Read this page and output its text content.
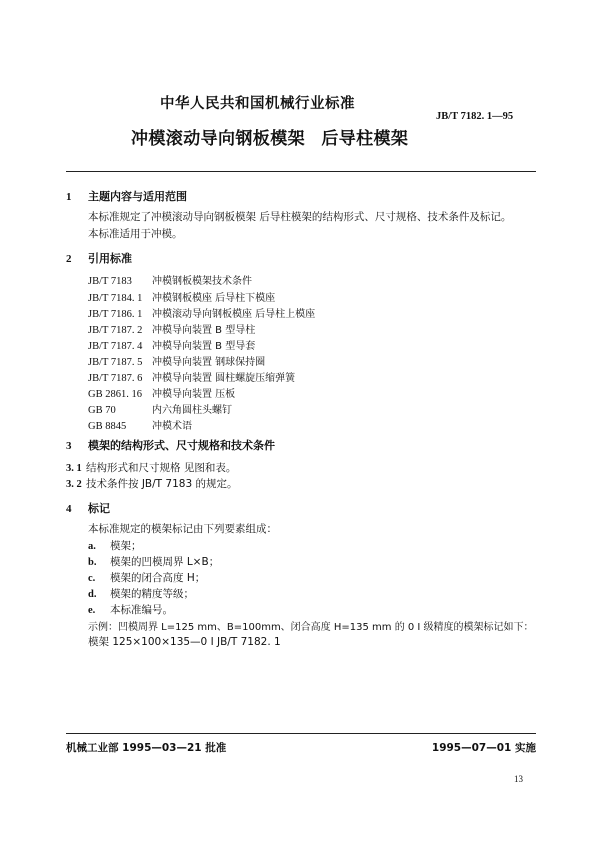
中华人民共和国机械行业标准
JB/T 7182. 1—95
冲模滚动导向钢板模架 后导柱模架
1 主题内容与适用范围
本标准规定了冲模滚动导向钢板模架 后导柱模架的结构形式、尺寸规格、技术条件及标记。
本标准适用于冲模。
2 引用标准
JB/T 7183 冲模钢板模架技术条件
JB/T 7184. 1 冲模钢板模座 后导柱下模座
JB/T 7186. 1 冲模滚动导向钢板模座 后导柱上模座
JB/T 7187. 2 冲模导向装置 B 型导柱
JB/T 7187. 4 冲模导向装置 B 型导套
JB/T 7187. 5 冲模导向装置 钢球保持圈
JB/T 7187. 6 冲模导向装置 圆柱螺旋压缩弹簧
GB 2861. 16 冲模导向装置 压板
GB 70	内六角圆柱头螺钉
GB 8845	冲模术语
3 模架的结构形式、尺寸规格和技术条件
3. 1 结构形式和尺寸规格 见图和表。
3. 2 技术条件按 JB/T 7183 的规定。
4 标记
本标准规定的模架标记由下列要素组成：
a. 模架；
b. 模架的凹模周界 L×B；
c. 模架的闭合高度 H；
d. 模架的精度等级；
e. 本标准编号。
示例：凹模周界 L=125 mm、B=100mm、闭合高度 H=135 mm 的 0 I 级精度的模架标记如下：
模架 125×100×135—0 I JB/T 7182. 1
机械工业部 1995—03—21 批准	1995—07—01 实施
13
